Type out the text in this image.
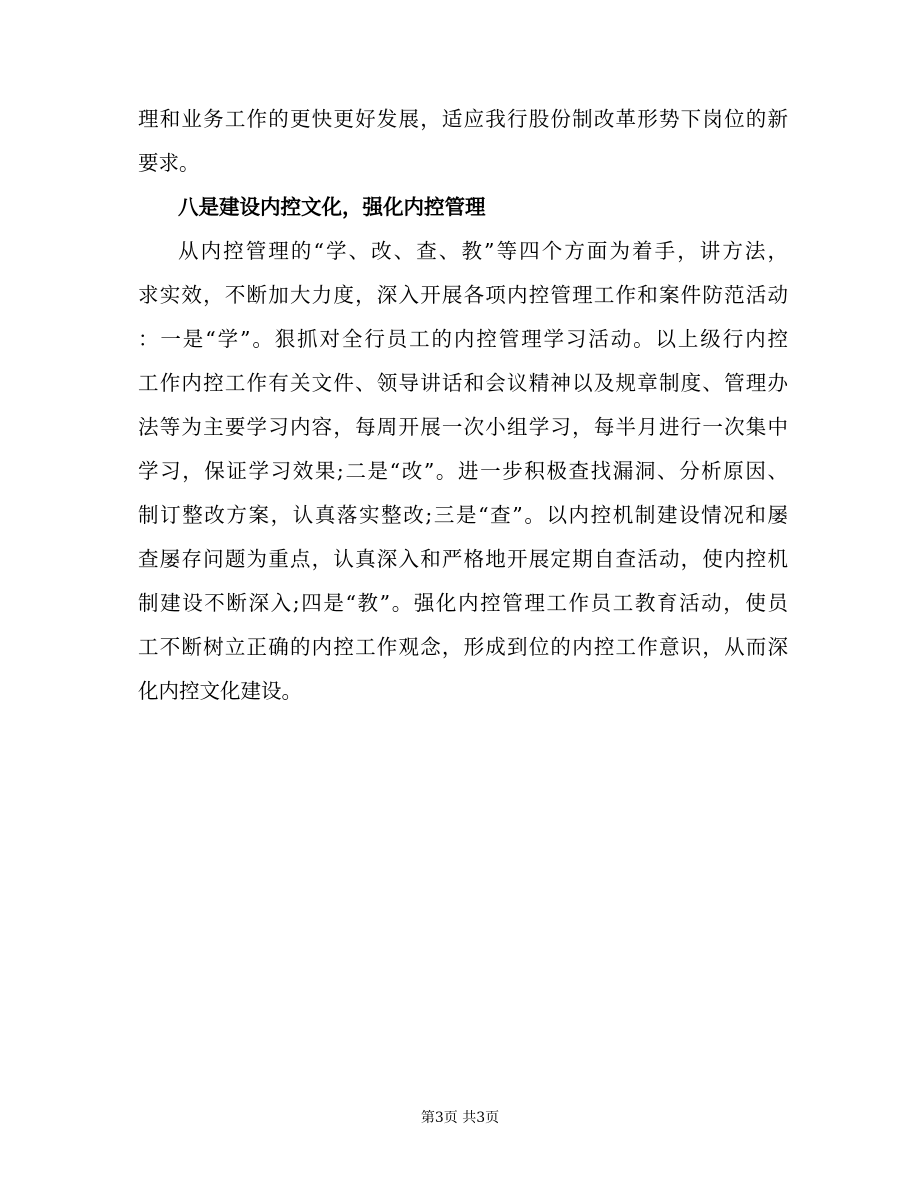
理和业务工作的更快更好发展，适应我行股份制改革形势下岗位的新
要求。
八是建设内控文化，强化内控管理
从内控管理的“学、改、查、教”等四个方面为着手，讲方法，
求实效，不断加大力度，深入开展各项内控管理工作和案件防范活动
：一是“学”。狠抓对全行员工的内控管理学习活动。以上级行内控
工作内控工作有关文件、领导讲话和会议精神以及规章制度、管理办
法等为主要学习内容，每周开展一次小组学习，每半月进行一次集中
学习，保证学习效果;二是“改”。进一步积极查找漏洞、分析原因、
制订整改方案，认真落实整改;三是“查”。以内控机制建设情况和屡
查屡存问题为重点，认真深入和严格地开展定期自查活动，使内控机
制建设不断深入;四是“教”。强化内控管理工作员工教育活动，使员
工不断树立正确的内控工作观念，形成到位的内控工作意识，从而深
化内控文化建设。
第3页 共3页
